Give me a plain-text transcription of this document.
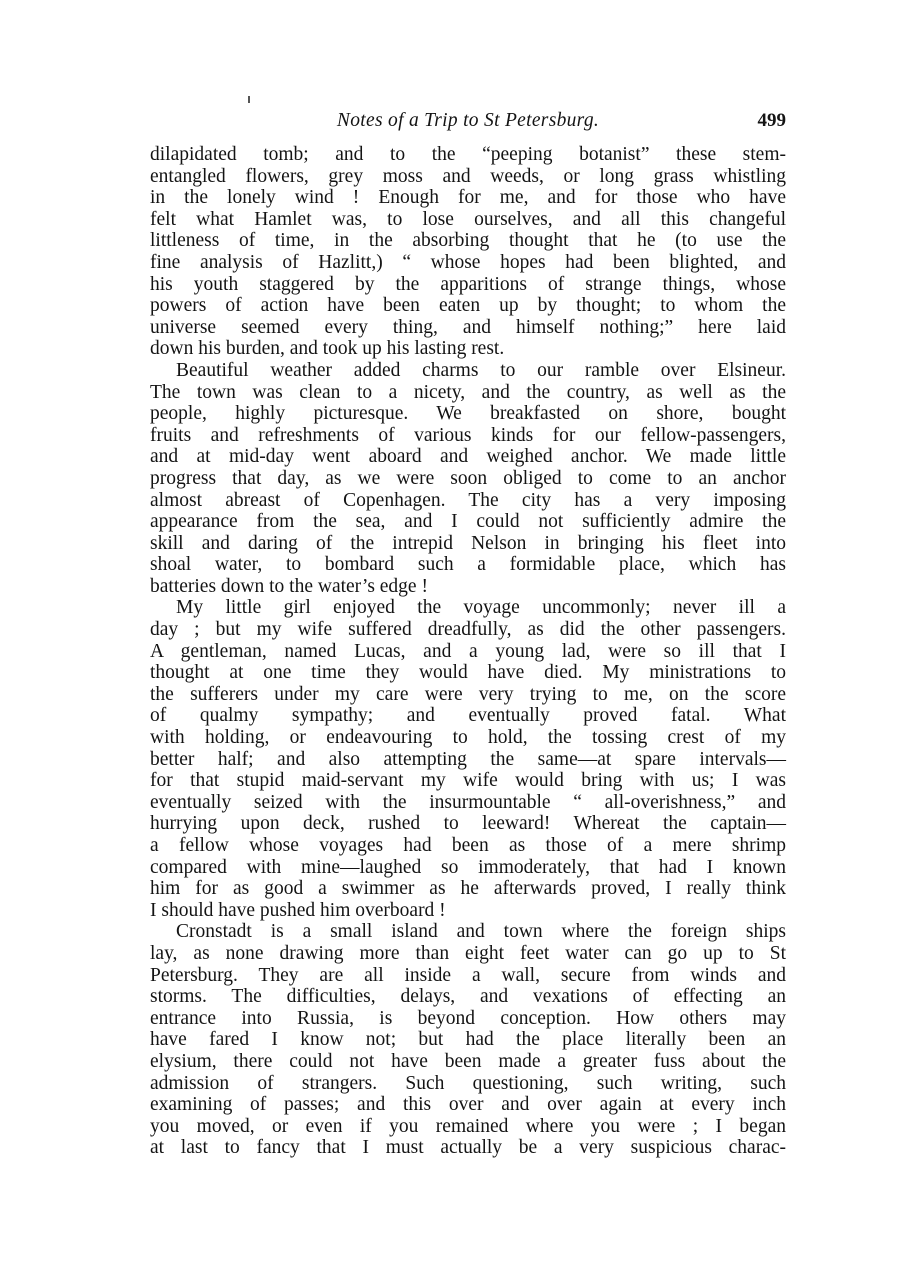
Notes of a Trip to St Petersburg.	499
dilapidated tomb; and to the “peeping botanist” these stem-
entangled flowers, grey moss and weeds, or long grass whistling
in the lonely wind ! Enough for me, and for those who have
felt what Hamlet was, to lose ourselves, and all this changeful
littleness of time, in the absorbing thought that he (to use the
fine analysis of Hazlitt,) “ whose hopes had been blighted, and
his youth staggered by the apparitions of strange things, whose
powers of action have been eaten up by thought; to whom the
universe seemed every thing, and himself nothing;” here laid
down his burden, and took up his lasting rest.
Beautiful weather added charms to our ramble over Elsineur.
The town was clean to a nicety, and the country, as well as the
people, highly picturesque. We breakfasted on shore, bought
fruits and refreshments of various kinds for our fellow-passengers,
and at mid-day went aboard and weighed anchor. We made little
progress that day, as we were soon obliged to come to an anchor
almost abreast of Copenhagen. The city has a very imposing
appearance from the sea, and I could not sufficiently admire the
skill and daring of the intrepid Nelson in bringing his fleet into
shoal water, to bombard such a formidable place, which has
batteries down to the water’s edge !
My little girl enjoyed the voyage uncommonly; never ill a
day ; but my wife suffered dreadfully, as did the other passengers.
A gentleman, named Lucas, and a young lad, were so ill that I
thought at one time they would have died. My ministrations to
the sufferers under my care were very trying to me, on the score
of qualmy sympathy; and eventually proved fatal. What
with holding, or endeavouring to hold, the tossing crest of my
better half; and also attempting the same—at spare intervals—
for that stupid maid-servant my wife would bring with us; I was
eventually seized with the insurmountable “ all-overishness,” and
hurrying upon deck, rushed to leeward! Whereat the captain—
a fellow whose voyages had been as those of a mere shrimp
compared with mine—laughed so immoderately, that had I known
him for as good a swimmer as he afterwards proved, I really think
I should have pushed him overboard !
Cronstadt is a small island and town where the foreign ships
lay, as none drawing more than eight feet water can go up to St
Petersburg. They are all inside a wall, secure from winds and
storms. The difficulties, delays, and vexations of effecting an
entrance into Russia, is beyond conception. How others may
have fared I know not; but had the place literally been an
elysium, there could not have been made a greater fuss about the
admission of strangers. Such questioning, such writing, such
examining of passes; and this over and over again at every inch
you moved, or even if you remained where you were ; I began
at last to fancy that I must actually be a very suspicious charac-
